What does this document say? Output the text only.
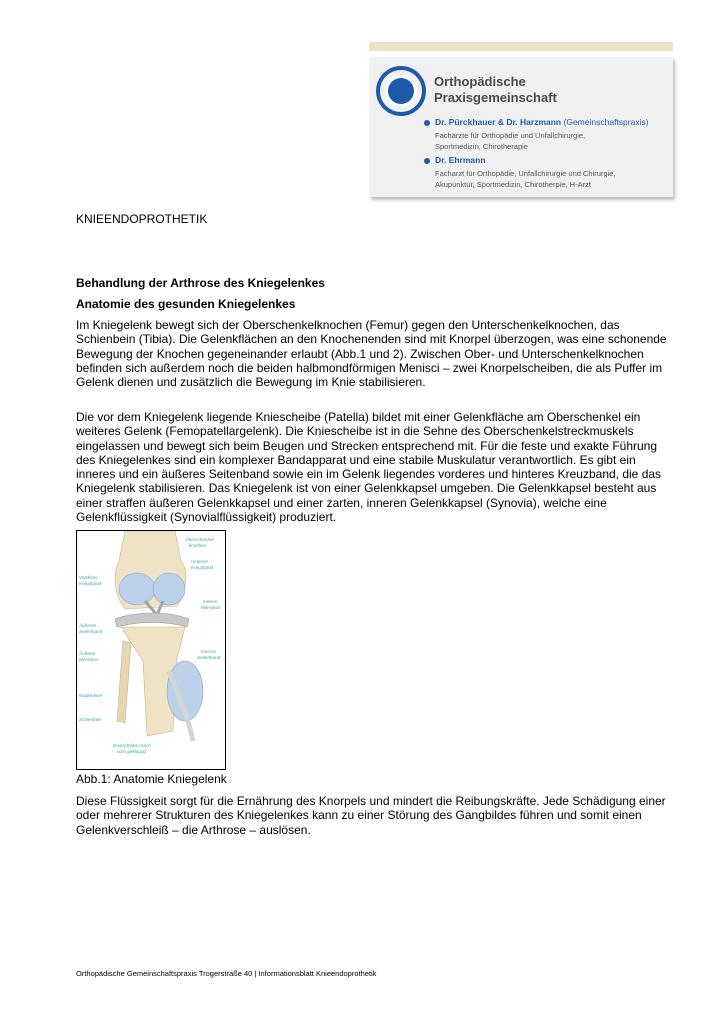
Orthopädische
Praxisgemeinschaft
Dr. Pürckhauer & Dr. Harzmann (Gemeinschaftspraxis)
Fachärzte für Orthopädie und Unfallchirurgie,
Sportmedizin, Chirotherapie
Dr. Ehrmann
Facharzt für Orthopädie, Unfallchirurgie und Chirurgie,
Akupunktur, Sportmedizin, Chirotherpie, H-Arzt
KNIEENDOPROTHETIK
Behandlung der Arthrose des Kniegelenkes
Anatomie des gesunden Kniegelenkes
Im Kniegelenk bewegt sich der Oberschenkelknochen (Femur) gegen den Unterschenkelknochen, das Schienbein (Tibia). Die Gelenkflächen an den Knochenenden sind mit Knorpel überzogen, was eine schonende Bewegung der Knochen gegeneinander erlaubt (Abb.1 und 2). Zwischen Ober- und Unterschenkelknochen befinden sich außerdem noch die beiden halbmondförmigen Menisci – zwei Knorpelscheiben, die als Puffer im Gelenk dienen und zusätzlich die Bewegung im Knie stabilisieren.
Die vor dem Kniegelenk liegende Kniescheibe (Patella) bildet mit einer Gelenkfläche am Oberschenkel ein weiteres Gelenk (Femopatellargelenk). Die Kniescheibe ist in die Sehne des Oberschenkelstreckmuskels eingelassen und bewegt sich beim Beugen und Strecken entsprechend mit. Für die feste und exakte Führung des Kniegelenkes sind ein komplexer Bandapparat und eine stabile Muskulatur verantwortlich. Es gibt ein inneres und ein äußeres Seitenband sowie ein im Gelenk liegendes vorderes und hinteres Kreuzband, die das Kniegelenk stabilisieren. Das Kniegelenk ist von einer Gelenkkapsel umgeben. Die Gelenkkapsel besteht aus einer straffen äußeren Gelenkkapsel und einer zarten, inneren Gelenkkapsel (Synovia), welche eine Gelenkflüssigkeit (Synovialflüssigkeit) produziert.
Oberschenkel-
knochen
Hinteres
Kreuzband
Vorderes
Kreuzband
Innerer
Meniskus
Äußeres
Seitenband
Inneres
Seitenband
Äußerer
Meniskus
Wadenbein
Schienbein
Kniescheibe (nach
vorn geklappt)
Abb.1: Anatomie Kniegelenk
Diese Flüssigkeit sorgt für die Ernährung des Knorpels und mindert die Reibungskräfte. Jede Schädigung einer oder mehrerer Strukturen des Kniegelenkes kann zu einer Störung des Gangbildes führen und somit einen Gelenkverschleiß – die Arthrose – auslösen.
Orthopädische Gemeinschaftspraxis Trogerstraße 40 | Informationsblatt Knieendoprothetik
